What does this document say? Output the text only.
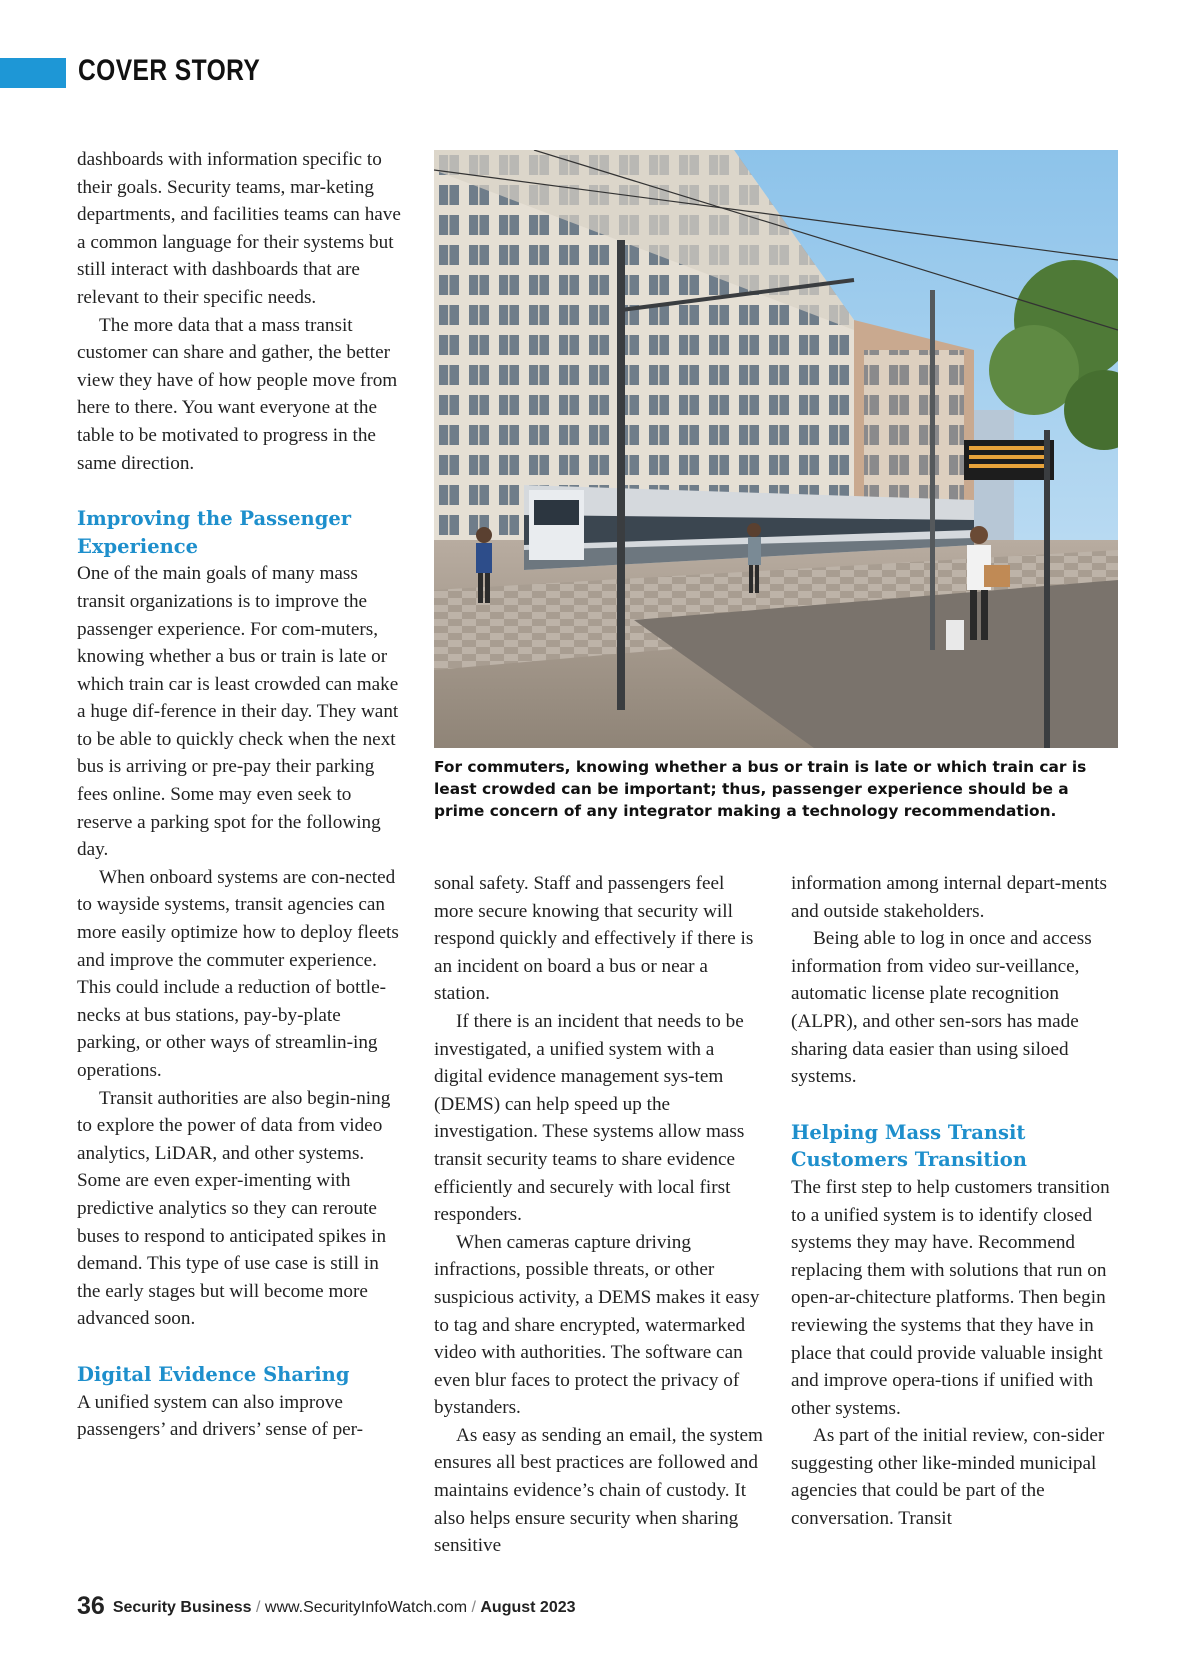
COVER STORY

dashboards with information specific to their goals. Security teams, mar-keting departments, and facilities teams can have a common language for their systems but still interact with dashboards that are relevant to their specific needs.

The more data that a mass transit customer can share and gather, the better view they have of how people move from here to there. You want everyone at the table to be motivated to progress in the same direction.

Improving the Passenger Experience

One of the main goals of many mass transit organizations is to improve the passenger experience. For com-muters, knowing whether a bus or train is late or which train car is least crowded can make a huge dif-ference in their day. They want to be able to quickly check when the next bus is arriving or pre-pay their parking fees online. Some may even seek to reserve a parking spot for the following day.

When onboard systems are con-nected to wayside systems, transit agencies can more easily optimize how to deploy fleets and improve the commuter experience. This could include a reduction of bottle-necks at bus stations, pay-by-plate parking, or other ways of streamlin-ing operations.

Transit authorities are also begin-ning to explore the power of data from video analytics, LiDAR, and other systems. Some are even exper-imenting with predictive analytics so they can reroute buses to respond to anticipated spikes in demand. This type of use case is still in the early stages but will become more advanced soon.

Digital Evidence Sharing

A unified system can also improve passengers’ and drivers’ sense of per-

For commuters, knowing whether a bus or train is late or which train car is least crowded can be important; thus, passenger experience should be a prime concern of any integrator making a technology recommendation.

sonal safety. Staff and passengers feel more secure knowing that security will respond quickly and effectively if there is an incident on board a bus or near a station.

If there is an incident that needs to be investigated, a unified system with a digital evidence management sys-tem (DEMS) can help speed up the investigation. These systems allow mass transit security teams to share evidence efficiently and securely with local first responders.

When cameras capture driving infractions, possible threats, or other suspicious activity, a DEMS makes it easy to tag and share encrypted, watermarked video with authorities. The software can even blur faces to protect the privacy of bystanders.

As easy as sending an email, the system ensures all best practices are followed and maintains evidence’s chain of custody. It also helps ensure security when sharing sensitive

information among internal depart-ments and outside stakeholders.

Being able to log in once and access information from video sur-veillance, automatic license plate recognition (ALPR), and other sen-sors has made sharing data easier than using siloed systems.

Helping Mass Transit Customers Transition

The first step to help customers transition to a unified system is to identify closed systems they may have. Recommend replacing them with solutions that run on open-ar-chitecture platforms. Then begin reviewing the systems that they have in place that could provide valuable insight and improve opera-tions if unified with other systems.

As part of the initial review, con-sider suggesting other like-minded municipal agencies that could be part of the conversation. Transit

36 Security Business / www.SecurityInfoWatch.com / August 2023
